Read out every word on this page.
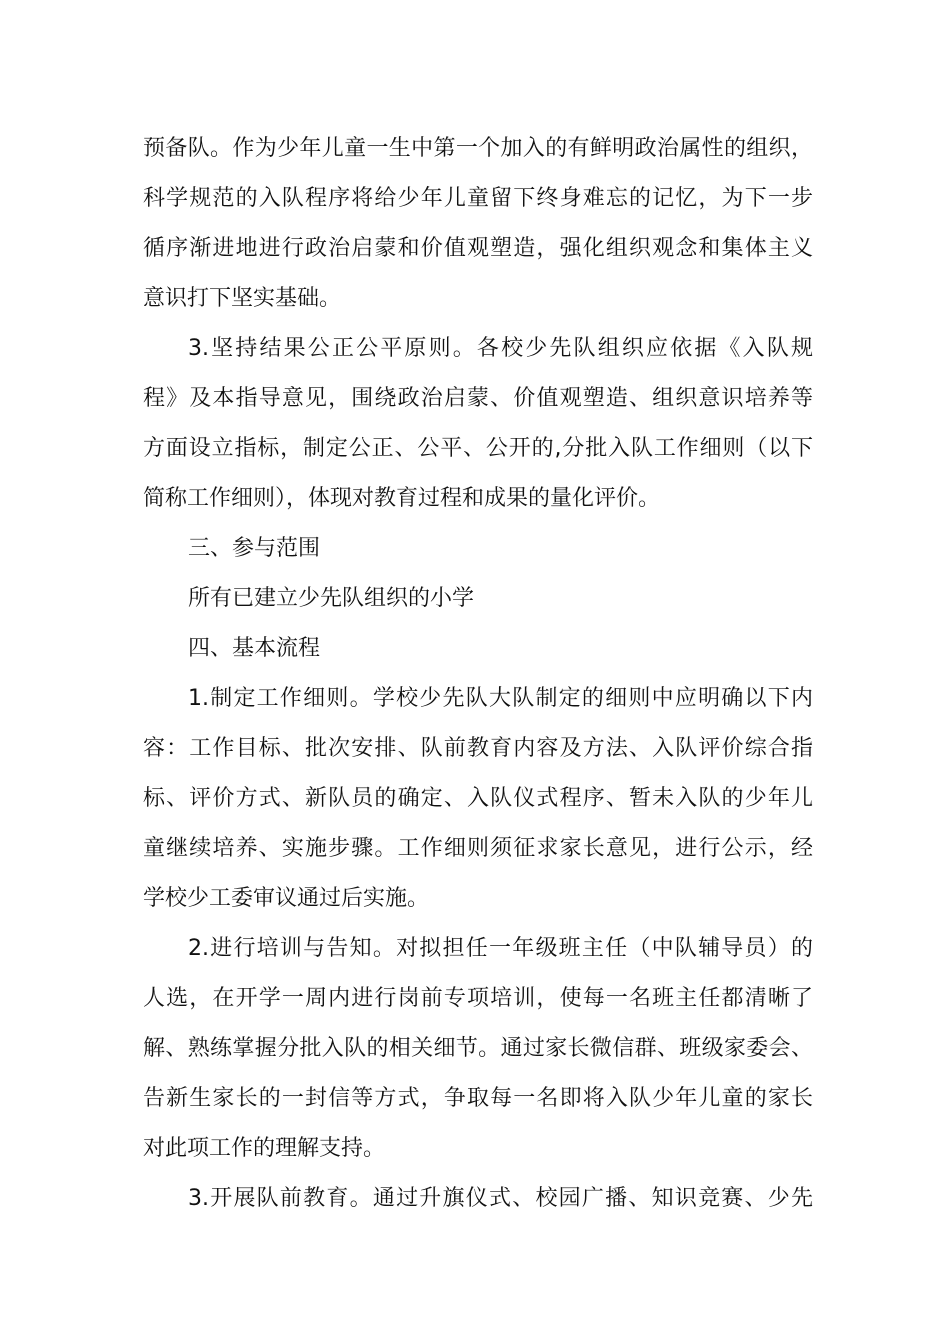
预备队。作为少年儿童一生中第一个加入的有鲜明政治属性的组织，
科学规范的入队程序将给少年儿童留下终身难忘的记忆，为下一步
循序渐进地进行政治启蒙和价值观塑造，强化组织观念和集体主义
意识打下坚实基础。
3.坚持结果公正公平原则。各校少先队组织应依据《入队规
程》及本指导意见，围绕政治启蒙、价值观塑造、组织意识培养等
方面设立指标，制定公正、公平、公开的,分批入队工作细则（以下
简称工作细则），体现对教育过程和成果的量化评价。
三、参与范围
所有已建立少先队组织的小学
四、基本流程
1.制定工作细则。学校少先队大队制定的细则中应明确以下内
容：工作目标、批次安排、队前教育内容及方法、入队评价综合指
标、评价方式、新队员的确定、入队仪式程序、暂未入队的少年儿
童继续培养、实施步骤。工作细则须征求家长意见，进行公示，经
学校少工委审议通过后实施。
2.进行培训与告知。对拟担任一年级班主任（中队辅导员）的
人选，在开学一周内进行岗前专项培训，使每一名班主任都清晰了
解、熟练掌握分批入队的相关细节。通过家长微信群、班级家委会、
告新生家长的一封信等方式，争取每一名即将入队少年儿童的家长
对此项工作的理解支持。
3.开展队前教育。通过升旗仪式、校园广播、知识竞赛、少先
